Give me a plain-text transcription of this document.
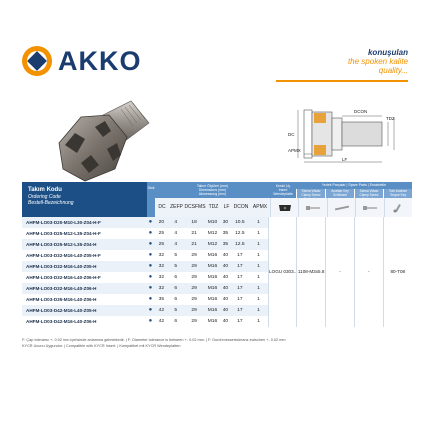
AKKO	konuşulan
the spoken kalite
quality...
DCON
DC
TDZ
LF
APMX
Takım Kodu
Ordering Code
Bestell-Bezeichnung
Stok	Takım Ölçüleri (mm)
Dimensions (mm)
Abmessung (mm)
Kesici Uç
Insert
Wendeplatte
Yedek Parçalar | Spare Parts | Ersatzteile
Sıkma Vidası Clamp Screw
Anahtar Key Schlüssel
Sıkma Vidası Clamp Screw
Tork Anahtar Torque Key
DC ZEFP DCSFMS TDZ	LF DCON APMX
AHFM-LO03-D20-M10-L30-Z04-H-F	●	20	4	18	M10	30	10.5	1	LOGU 0303..	1108-M3x5.8	-	-	80-T08
AHFM-LO03-D25-M12-L35-Z04-H-F	●	25	4	21	M12	35	12.5	1					
AHFM-LO03-D25-M12-L35-Z04-H	●	25	4	21	M12	35	12.5	1					
AHFM-LO03-D32-M16-L40-Z05-H-F	●	32	5	29	M16	40	17	1					
AHFM-LO03-D32-M16-L40-Z05-H	●	32	5	29	M16	40	17	1					
AHFM-LO03-D32-M16-L40-Z06-H-F	●	32	6	29	M16	40	17	1					
AHFM-LO03-D32-M16-L40-Z06-H	●	32	6	29	M16	40	17	1					
AHFM-LO03-D35-M16-L40-Z06-H	●	35	6	29	M16	40	17	1					
AHFM-LO03-D42-M16-L40-Z05-H	●	42	5	29	M16	40	17	1					
AHFM-LO03-D42-M16-L40-Z06-H	●	42	6	29	M16	40	17	1					
F: Çap toleransı +- 0.02 mm içerisinde anlamına gelmektedir. | F: Diameter tolerance is between +- 0.02 mm. | F: Durchmessertoleranz zwischen +- 0.02 mm
KYCR Ucunu Uygundur. | Compatible with KYCR Insert. | Kompatibel mit KYCR Wendeplatten
